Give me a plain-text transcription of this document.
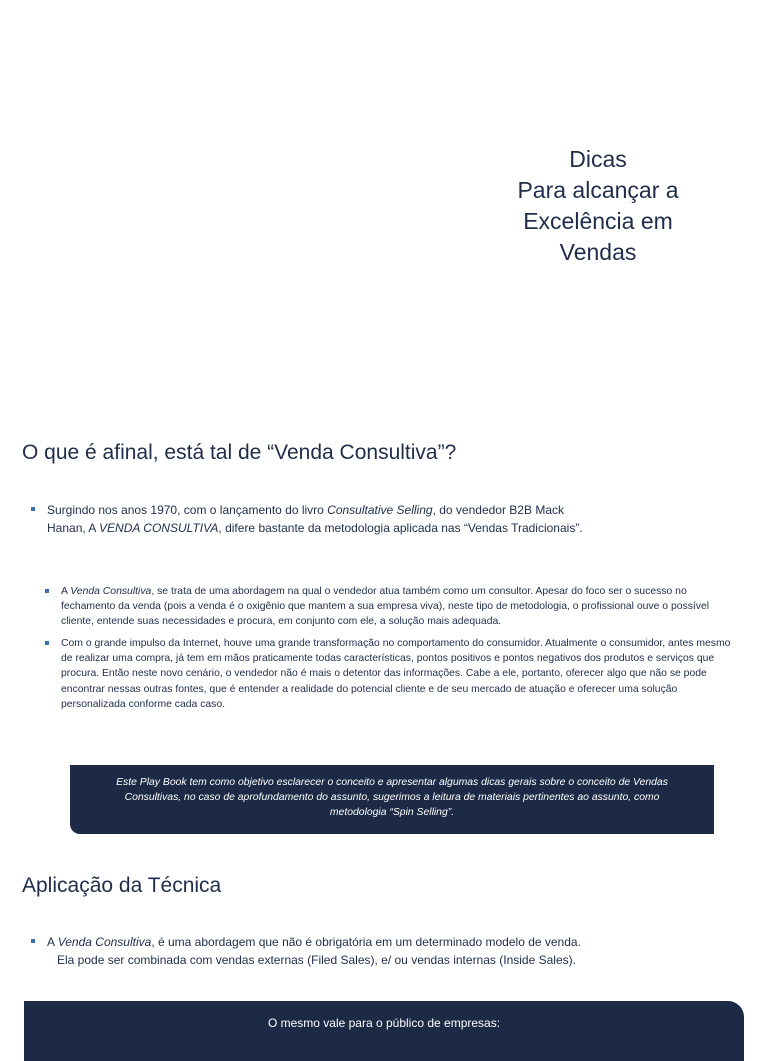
Dicas
Para alcançar a
Excelência em
Vendas
O que é afinal, está tal de “Venda Consultiva”?
Surgindo nos anos 1970, com o lançamento do livro Consultative Selling, do vendedor B2B Mack Hanan, A VENDA CONSULTIVA, difere bastante da metodologia aplicada nas “Vendas Tradicionais”.
A Venda Consultiva, se trata de uma abordagem na qual o vendedor atua também como um consultor. Apesar do foco ser o sucesso no fechamento da venda (pois a venda é o oxigênio que mantem a sua empresa viva), neste tipo de metodologia, o profissional ouve o possível cliente, entende suas necessidades e procura, em conjunto com ele, a solução mais adequada.
Com o grande impulso da Internet, houve uma grande transformação no comportamento do consumidor. Atualmente o consumidor, antes mesmo de realizar uma compra, já tem em mãos praticamente todas características, pontos positivos e pontos negativos dos produtos e serviços que procura. Então neste novo cenário, o vendedor não é mais o detentor das informações. Cabe a ele, portanto, oferecer algo que não se pode encontrar nessas outras fontes, que é entender a realidade do potencial cliente e de seu mercado de atuação e oferecer uma solução personalizada conforme cada caso.
Este Play Book tem como objetivo esclarecer o conceito e apresentar algumas dicas gerais sobre o conceito de Vendas Consultivas, no caso de aprofundamento do assunto, sugerimos a leitura de materiais pertinentes ao assunto, como metodologia “Spin Selling”.
Aplicação da Técnica
A Venda Consultiva, é uma abordagem que não é obrigatória em um determinado modelo de venda.
Ela pode ser combinada com vendas externas (Filed Sales), e/ ou vendas internas (Inside Sales).
O mesmo vale para o público de empresas:
